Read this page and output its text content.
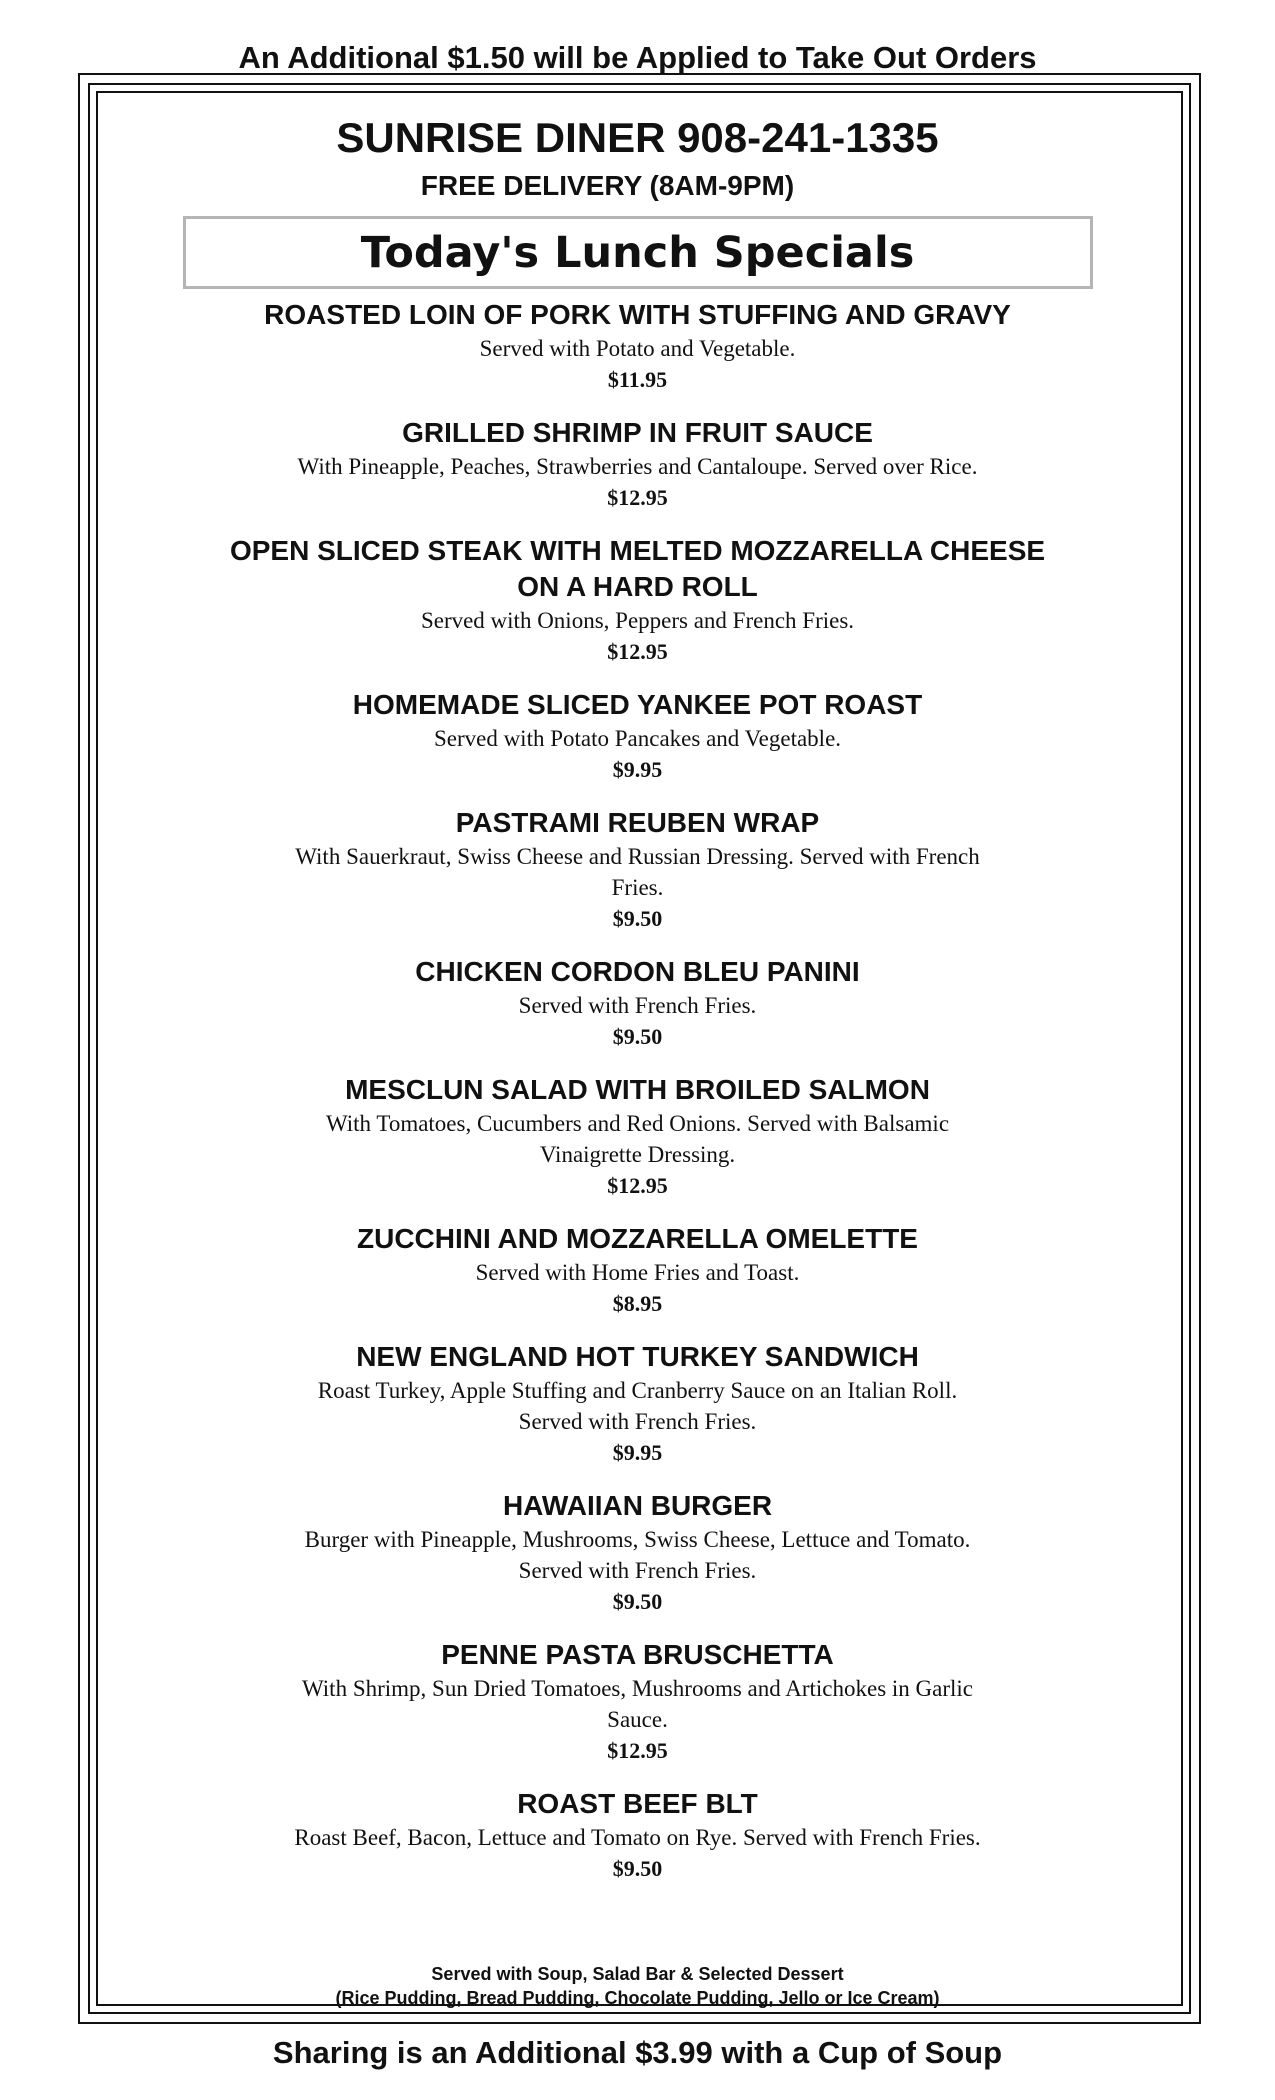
An Additional $1.50 will be Applied to Take Out Orders
SUNRISE DINER 908-241-1335
FREE DELIVERY (8AM-9PM)
Today's Lunch Specials
ROASTED LOIN OF PORK WITH STUFFING AND GRAVY
Served with Potato and Vegetable.
$11.95
GRILLED SHRIMP IN FRUIT SAUCE
With Pineapple, Peaches, Strawberries and Cantaloupe. Served over Rice.
$12.95
OPEN SLICED STEAK WITH MELTED MOZZARELLA CHEESE ON A HARD ROLL
Served with Onions, Peppers and French Fries.
$12.95
HOMEMADE SLICED YANKEE POT ROAST
Served with Potato Pancakes and Vegetable.
$9.95
PASTRAMI REUBEN WRAP
With Sauerkraut, Swiss Cheese and Russian Dressing. Served with French Fries.
$9.50
CHICKEN CORDON BLEU PANINI
Served with French Fries.
$9.50
MESCLUN SALAD WITH BROILED SALMON
With Tomatoes, Cucumbers and Red Onions. Served with Balsamic Vinaigrette Dressing.
$12.95
ZUCCHINI AND MOZZARELLA OMELETTE
Served with Home Fries and Toast.
$8.95
NEW ENGLAND HOT TURKEY SANDWICH
Roast Turkey, Apple Stuffing and Cranberry Sauce on an Italian Roll. Served with French Fries.
$9.95
HAWAIIAN BURGER
Burger with Pineapple, Mushrooms, Swiss Cheese, Lettuce and Tomato. Served with French Fries.
$9.50
PENNE PASTA BRUSCHETTA
With Shrimp, Sun Dried Tomatoes, Mushrooms and Artichokes in Garlic Sauce.
$12.95
ROAST BEEF BLT
Roast Beef, Bacon, Lettuce and Tomato on Rye. Served with French Fries.
$9.50
Served with Soup, Salad Bar & Selected Dessert
(Rice Pudding, Bread Pudding, Chocolate Pudding, Jello or Ice Cream)
Sharing is an Additional $3.99 with a Cup of Soup
